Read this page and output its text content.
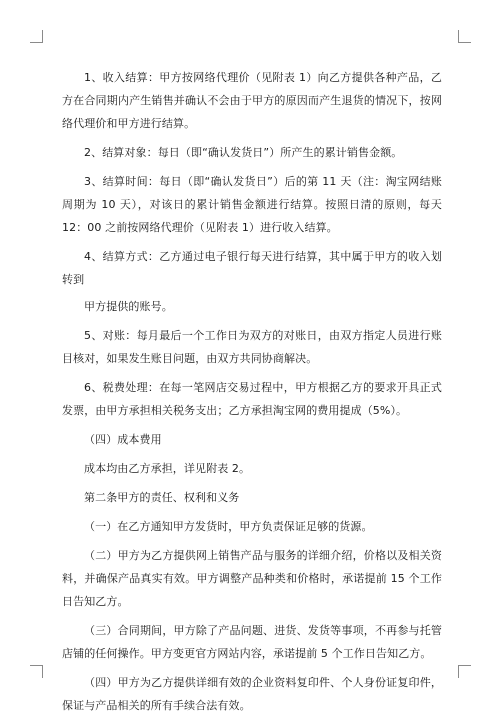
1、收入结算：甲方按网络代理价（见附表 1）向乙方提供各种产品，乙方在合同期内产生销售并确认不会由于甲方的原因而产生退货的情况下，按网络代理价和甲方进行结算。

2、结算对象：每日（即“确认发货日”）所产生的累计销售金额。

3、结算时间：每日（即“确认发货日”）后的第 11 天（注：淘宝网结账周期为 10 天），对该日的累计销售金额进行结算。按照日清的原则，每天 12：00 之前按网络代理价（见附表 1）进行收入结算。

4、结算方式：乙方通过电子银行每天进行结算，其中属于甲方的收入划转到

甲方提供的账号。

5、对账：每月最后一个工作日为双方的对账日，由双方指定人员进行账目核对，如果发生账目问题，由双方共同协商解决。

6、税费处理：在每一笔网店交易过程中，甲方根据乙方的要求开具正式发票，由甲方承担相关税务支出；乙方承担淘宝网的费用提成（5%）。

（四）成本费用

成本均由乙方承担，详见附表 2。

第二条甲方的责任、权利和义务

（一）在乙方通知甲方发货时，甲方负责保证足够的货源。

（二）甲方为乙方提供网上销售产品与服务的详细介绍，价格以及相关资料，并确保产品真实有效。甲方调整产品种类和价格时，承诺提前 15 个工作日告知乙方。

（三）合同期间，甲方除了产品问题、进货、发货等事项，不再参与托管店铺的任何操作。甲方变更官方网站内容，承诺提前 5 个工作日告知乙方。

（四）甲方为乙方提供详细有效的企业资料复印件、个人身份证复印件，保证与产品相关的所有手续合法有效。
